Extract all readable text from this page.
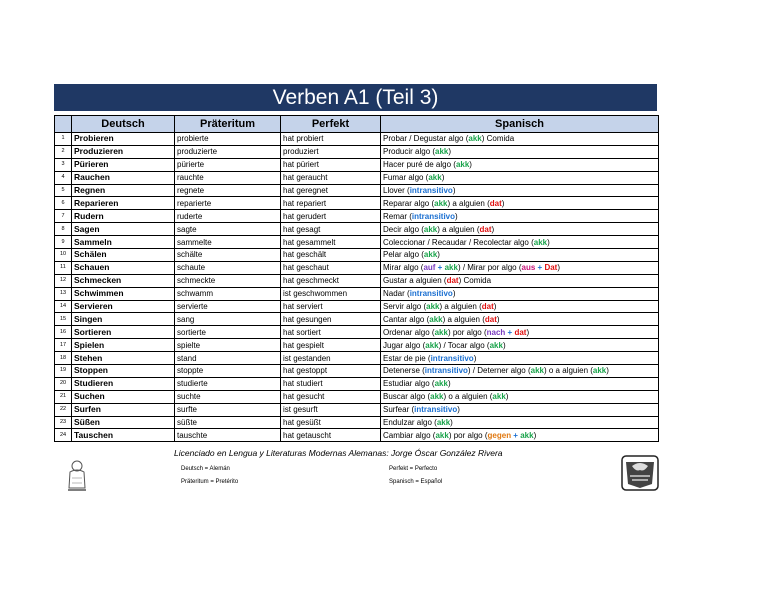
Verben A1 (Teil 3)
	Deutsch	Präteritum	Perfekt	Spanisch
1	Probieren	probierte	hat probiert	Probar / Degustar algo (akk) Comida
2	Produzieren	produzierte	produziert	Producir algo (akk)
3	Pürieren	pürierte	hat püriert	Hacer puré de algo (akk)
4	Rauchen	rauchte	hat geraucht	Fumar algo (akk)
5	Regnen	regnete	hat geregnet	Llover (intransitivo)
6	Reparieren	reparierte	hat repariert	Reparar algo (akk) a alguien (dat)
7	Rudern	ruderte	hat gerudert	Remar (intransitivo)
8	Sagen	sagte	hat gesagt	Decir algo (akk) a alguien (dat)
9	Sammeln	sammelte	hat gesammelt	Coleccionar / Recaudar / Recolectar algo (akk)
10	Schälen	schälte	hat geschält	Pelar algo (akk)
11	Schauen	schaute	hat geschaut	Mirar algo (auf + akk) / Mirar por algo (aus + Dat)
12	Schmecken	schmeckte	hat geschmeckt	Gustar a alguien (dat) Comida
13	Schwimmen	schwamm	ist geschwommen	Nadar (intransitivo)
14	Servieren	servierte	hat serviert	Servir algo (akk) a alguien (dat)
15	Singen	sang	hat gesungen	Cantar algo (akk) a alguien (dat)
16	Sortieren	sortierte	hat sortiert	Ordenar algo (akk) por algo (nach + dat)
17	Spielen	spielte	hat gespielt	Jugar algo (akk) / Tocar algo (akk)
18	Stehen	stand	ist gestanden	Estar de pie (intransitivo)
19	Stoppen	stoppte	hat gestoppt	Detenerse (intransitivo) / Deterner algo (akk) o a alguien (akk)
20	Studieren	studierte	hat studiert	Estudiar algo (akk)
21	Suchen	suchte	hat gesucht	Buscar algo (akk) o a alguien (akk)
22	Surfen	surfte	ist gesurft	Surfear (intransitivo)
23	Süßen	süßte	hat gesüßt	Endulzar algo (akk)
24	Tauschen	tauschte	hat getauscht	Cambiar algo (akk) por algo (gegen + akk)
Licenciado en Lengua y Literaturas Modernas Alemanas: Jorge Óscar González Rivera
Deutsch = Alemán
Präteritum = Pretérito
Perfekt = Perfecto
Spanisch = Español
